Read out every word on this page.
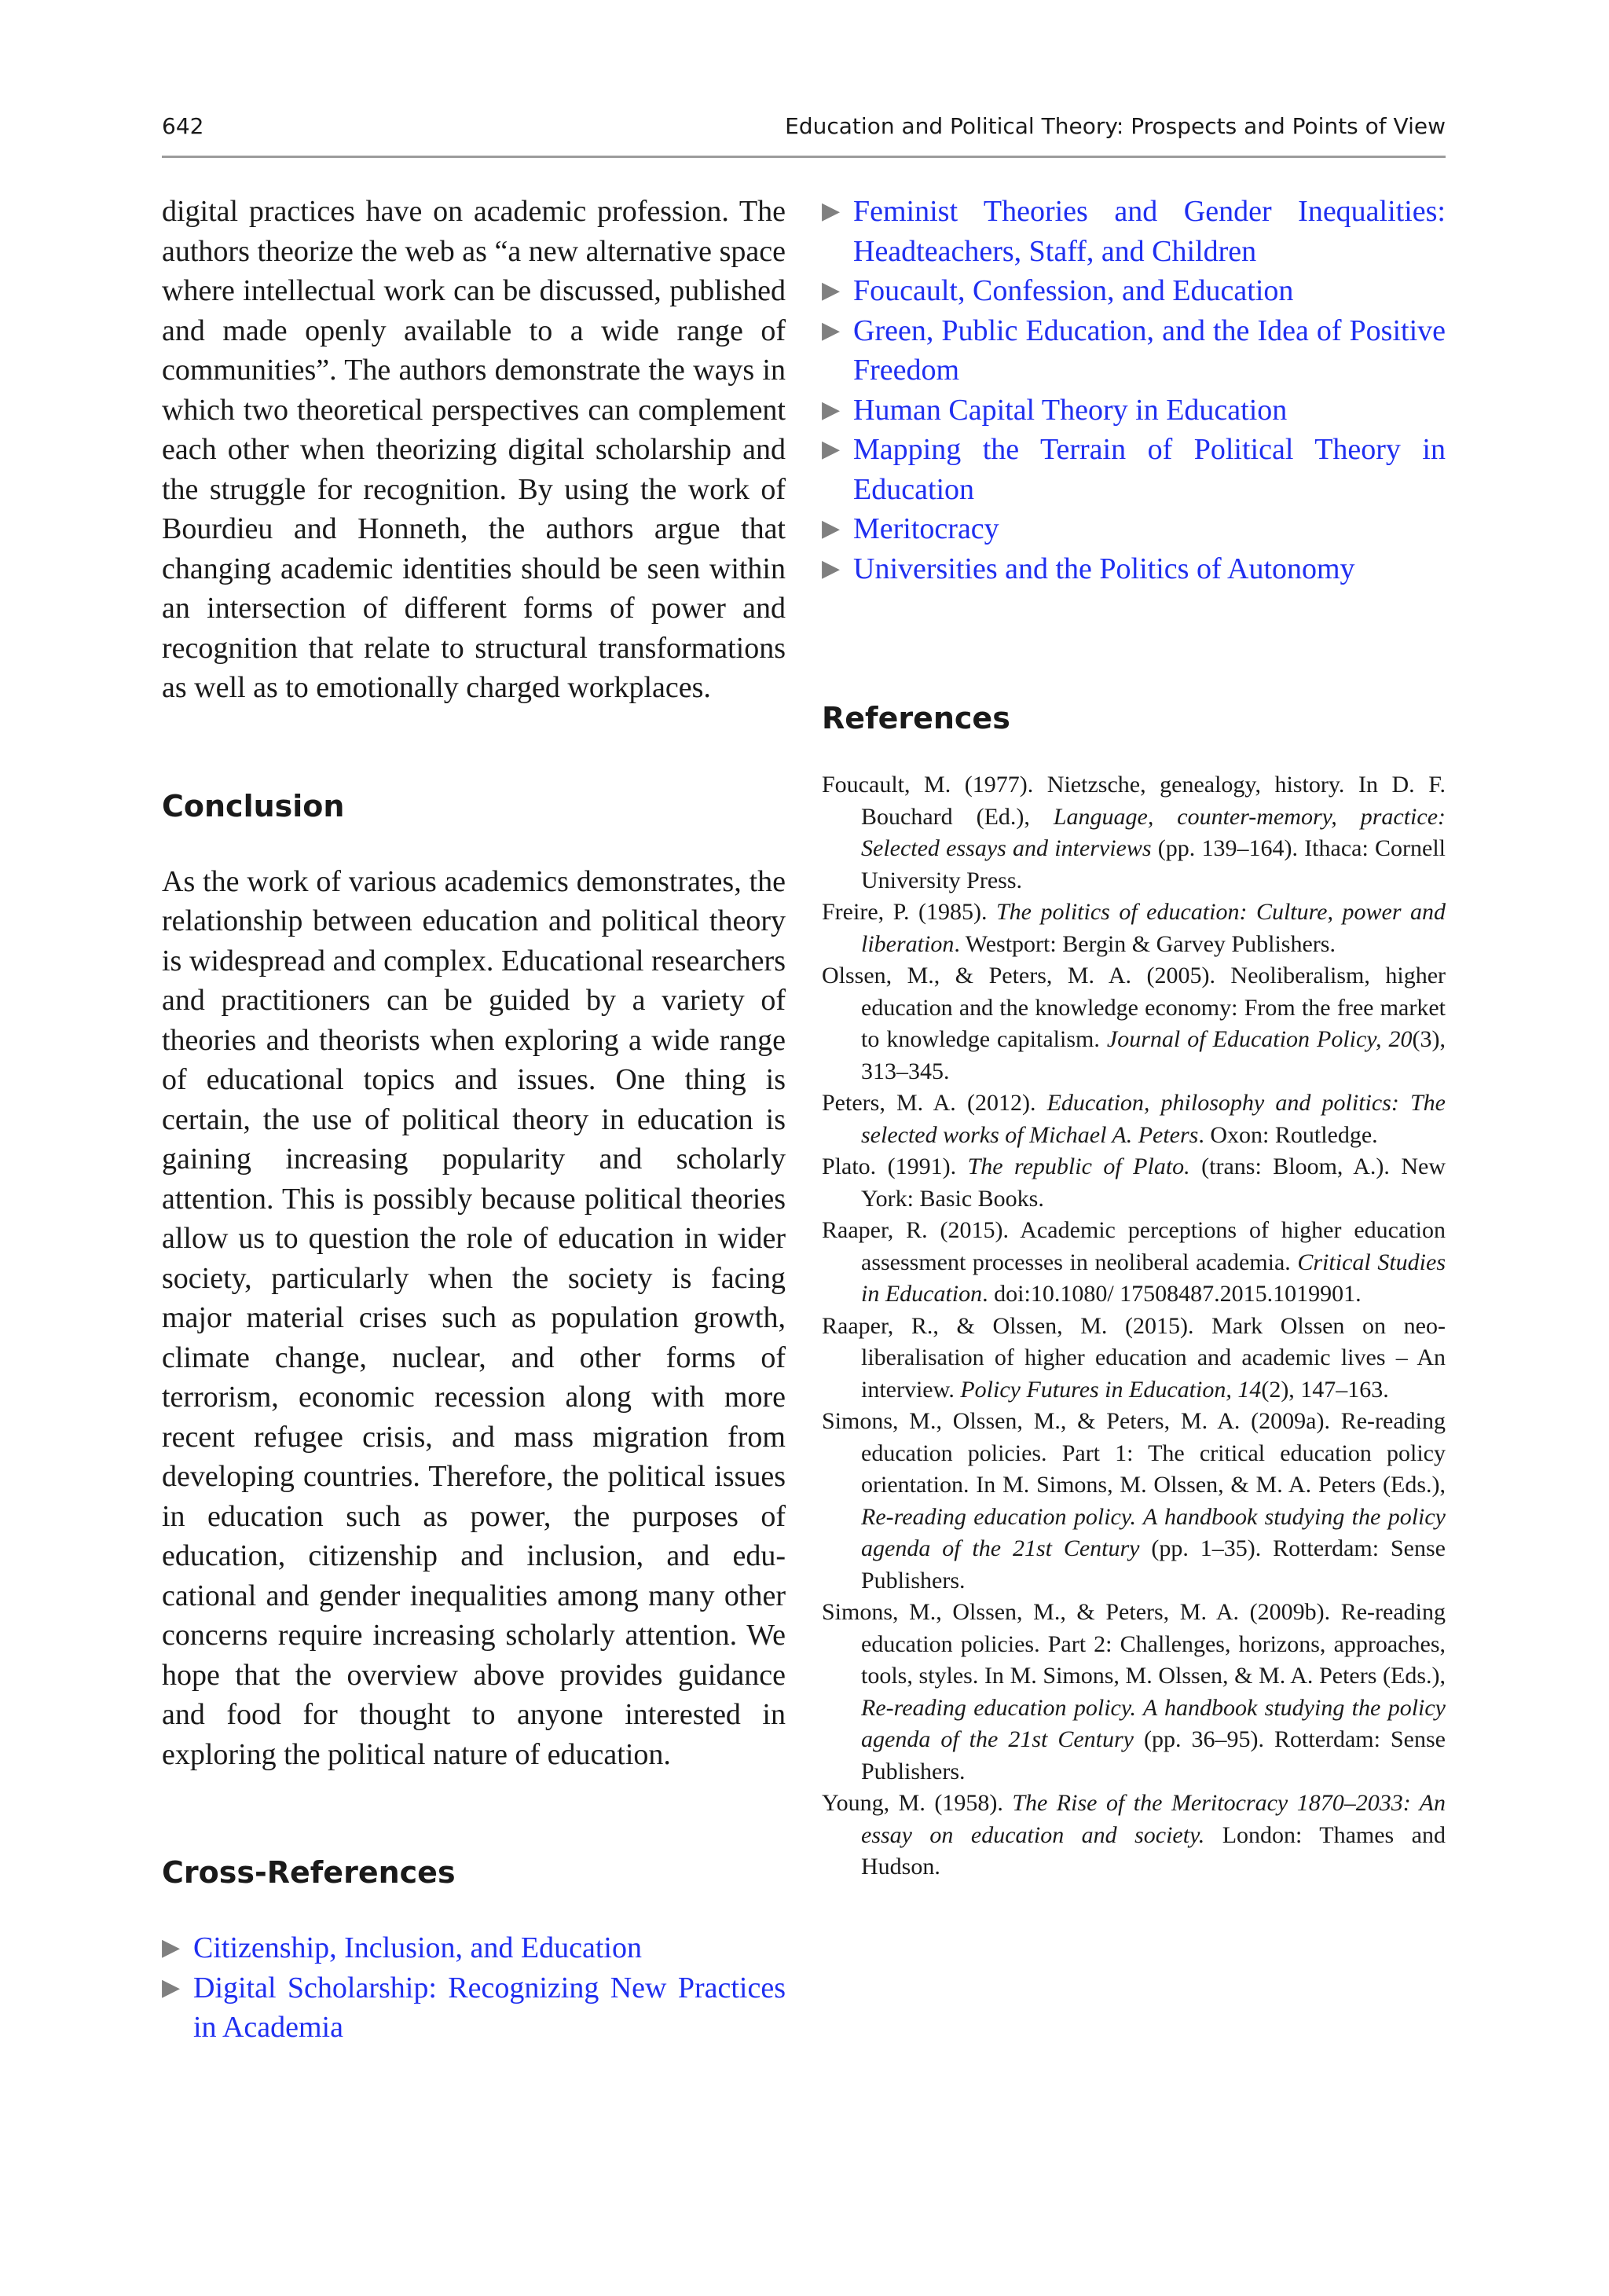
642	Education and Political Theory: Prospects and Points of View

digital practices have on academic profession. The authors theorize the web as “a new alternative space where intellectual work can be discussed, published and made openly available to a wide range of communities”. The authors demonstrate the ways in which two theoretical perspectives can complement each other when theorizing digital scholarship and the struggle for recognition. By using the work of Bourdieu and Honneth, the authors argue that changing academic identities should be seen within an intersection of different forms of power and recognition that relate to structural transformations as well as to emotionally charged workplaces.

Conclusion

As the work of various academics demonstrates, the relationship between education and political theory is widespread and complex. Educational researchers and practitioners can be guided by a variety of theories and theorists when exploring a wide range of educational topics and issues. One thing is certain, the use of political theory in education is gaining increasing popularity and scholarly attention. This is possibly because political theories allow us to question the role of education in wider society, particularly when the society is facing major material crises such as population growth, climate change, nuclear, and other forms of terrorism, economic recession along with more recent refugee crisis, and mass migration from developing countries. Therefore, the political issues in education such as power, the purposes of education, citizenship and inclusion, and educational and gender inequalities among many other concerns require increasing scholarly attention. We hope that the overview above provides guidance and food for thought to anyone interested in exploring the political nature of education.

Cross-References
▶ Citizenship, Inclusion, and Education
▶ Digital Scholarship: Recognizing New Practices in Academia
▶ Feminist Theories and Gender Inequalities: Headteachers, Staff, and Children
▶ Foucault, Confession, and Education
▶ Green, Public Education, and the Idea of Positive Freedom
▶ Human Capital Theory in Education
▶ Mapping the Terrain of Political Theory in Education
▶ Meritocracy
▶ Universities and the Politics of Autonomy
References
Foucault, M. (1977). Nietzsche, genealogy, history. In D. F. Bouchard (Ed.), Language, counter-memory, practice: Selected essays and interviews (pp. 139–164). Ithaca: Cornell University Press.
Freire, P. (1985). The politics of education: Culture, power and liberation. Westport: Bergin & Garvey Publishers.
Olssen, M., & Peters, M. A. (2005). Neoliberalism, higher education and the knowledge economy: From the free market to knowledge capitalism. Journal of Education Policy, 20(3), 313–345.
Peters, M. A. (2012). Education, philosophy and politics: The selected works of Michael A. Peters. Oxon: Routledge.
Plato. (1991). The republic of Plato. (trans: Bloom, A.). New York: Basic Books.
Raaper, R. (2015). Academic perceptions of higher education assessment processes in neoliberal academia. Critical Studies in Education. doi:10.1080/ 17508487.2015.1019901.
Raaper, R., & Olssen, M. (2015). Mark Olssen on neoliberalisation of higher education and academic lives – An interview. Policy Futures in Education, 14(2), 147–163.
Simons, M., Olssen, M., & Peters, M. A. (2009a). Re-reading education policies. Part 1: The critical education policy orientation. In M. Simons, M. Olssen, & M. A. Peters (Eds.), Re-reading education policy. A handbook studying the policy agenda of the 21st Century (pp. 1–35). Rotterdam: Sense Publishers.
Simons, M., Olssen, M., & Peters, M. A. (2009b). Re-reading education policies. Part 2: Challenges, horizons, approaches, tools, styles. In M. Simons, M. Olssen, & M. A. Peters (Eds.), Re-reading education policy. A handbook studying the policy agenda of the 21st Century (pp. 36–95). Rotterdam: Sense Publishers.
Young, M. (1958). The Rise of the Meritocracy 1870–2033: An essay on education and society. London: Thames and Hudson.
